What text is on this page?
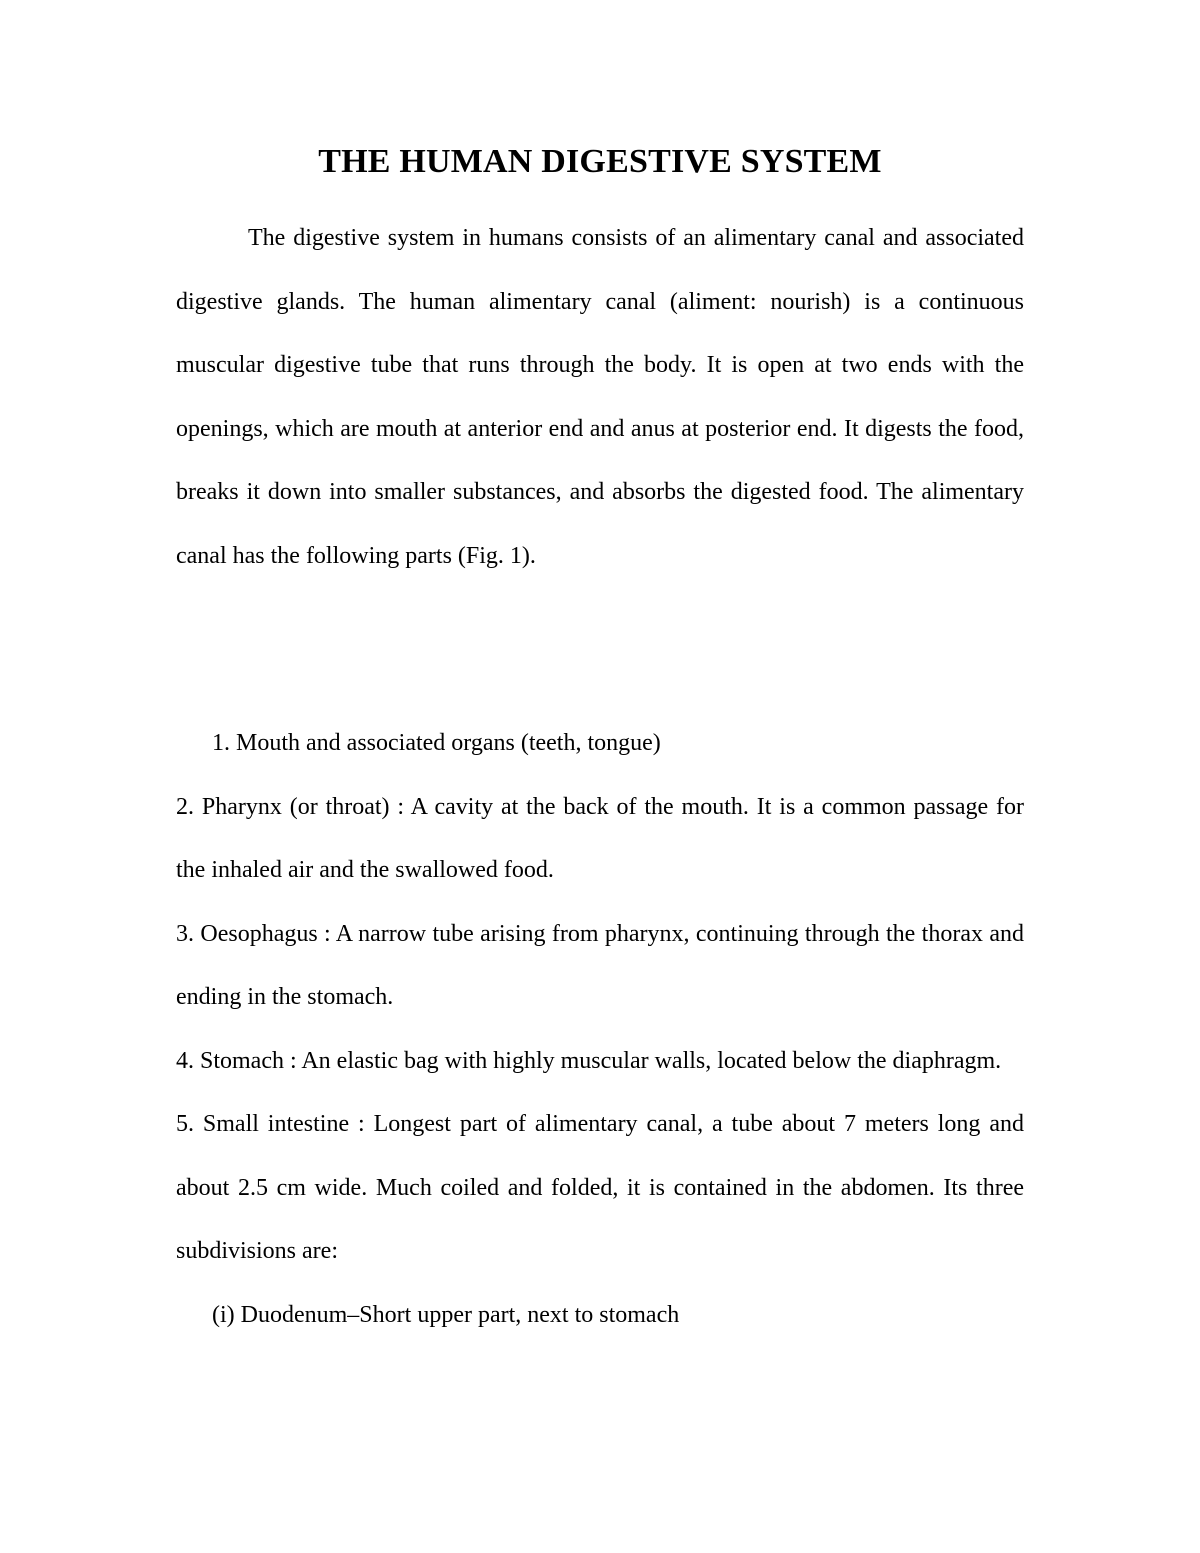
THE HUMAN DIGESTIVE SYSTEM

The digestive system in humans consists of an alimentary canal and associated digestive glands. The human alimentary canal (aliment: nourish) is a continuous muscular digestive tube that runs through the body. It is open at two ends with the openings, which are mouth at anterior end and anus at posterior end. It digests the food, breaks it down into smaller substances, and absorbs the digested food. The alimentary canal has the following parts (Fig. 1).

1. Mouth and associated organs (teeth, tongue)

2. Pharynx (or throat) : A cavity at the back of the mouth. It is a common passage for the inhaled air and the swallowed food.

3. Oesophagus : A narrow tube arising from pharynx, continuing through the thorax and ending in the stomach.

4. Stomach : An elastic bag with highly muscular walls, located below the diaphragm.

5. Small intestine : Longest part of alimentary canal, a tube about 7 meters long and about 2.5 cm wide. Much coiled and folded, it is contained in the abdomen. Its three subdivisions are:

(i) Duodenum–Short upper part, next to stomach
